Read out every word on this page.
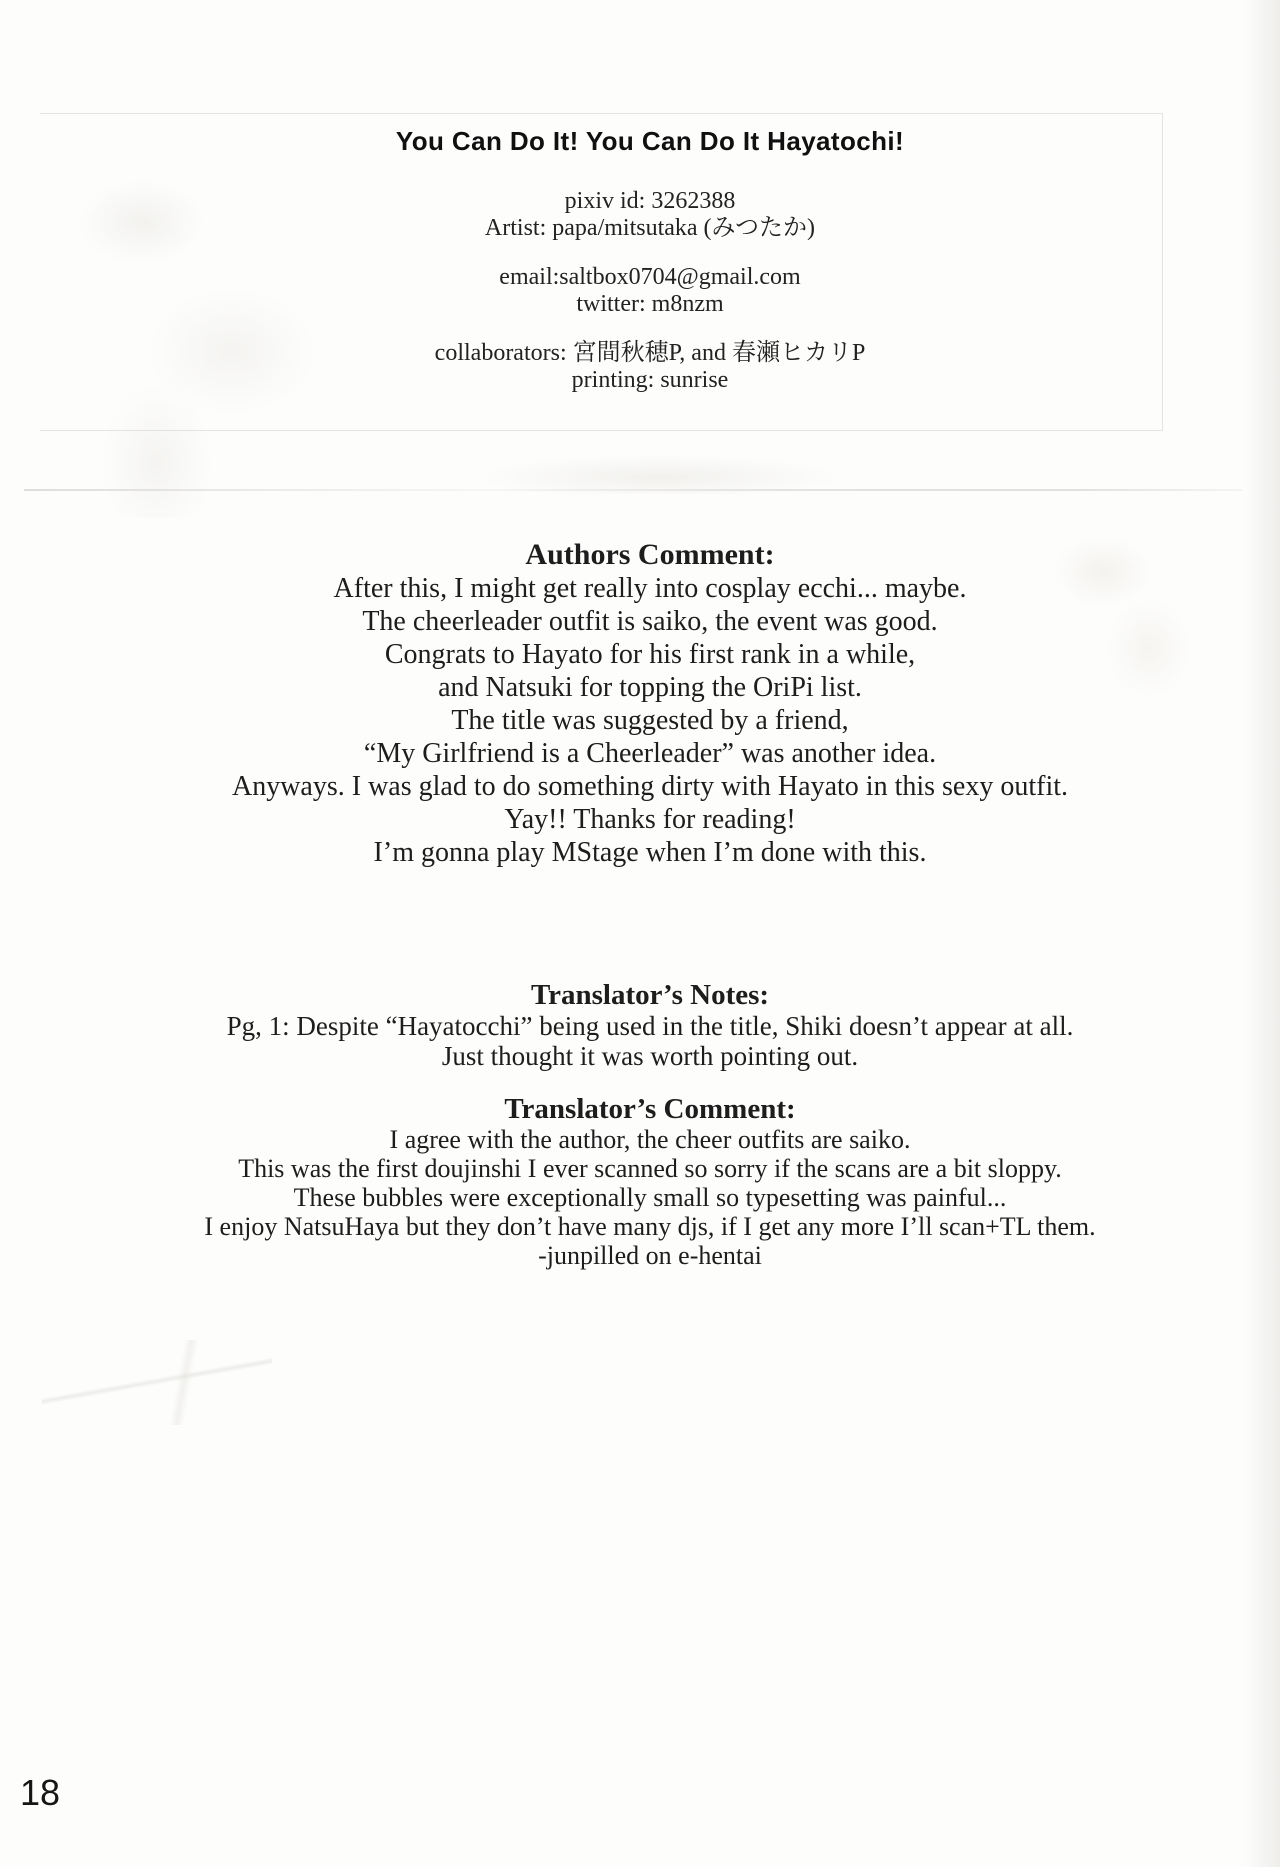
You Can Do It! You Can Do It Hayatochi!
pixiv id: 3262388
Artist: papa/mitsutaka (みつたか)
email:saltbox0704@gmail.com
twitter: m8nzm
collaborators: 宮間秋穂P, and 春瀬ヒカリP
printing: sunrise
Authors Comment:
After this, I might get really into cosplay ecchi... maybe.
The cheerleader outfit is saiko, the event was good.
Congrats to Hayato for his first rank in a while,
and Natsuki for topping the OriPi list.
The title was suggested by a friend,
“My Girlfriend is a Cheerleader” was another idea.
Anyways. I was glad to do something dirty with Hayato in this sexy outfit.
Yay!! Thanks for reading!
I’m gonna play MStage when I’m done with this.
Translator’s Notes:
Pg, 1: Despite “Hayatocchi” being used in the title, Shiki doesn’t appear at all.
Just thought it was worth pointing out.
Translator’s Comment:
I agree with the author, the cheer outfits are saiko.
This was the first doujinshi I ever scanned so sorry if the scans are a bit sloppy.
These bubbles were exceptionally small so typesetting was painful...
I enjoy NatsuHaya but they don’t have many djs, if I get any more I’ll scan+TL them.
-junpilled on e-hentai
18
